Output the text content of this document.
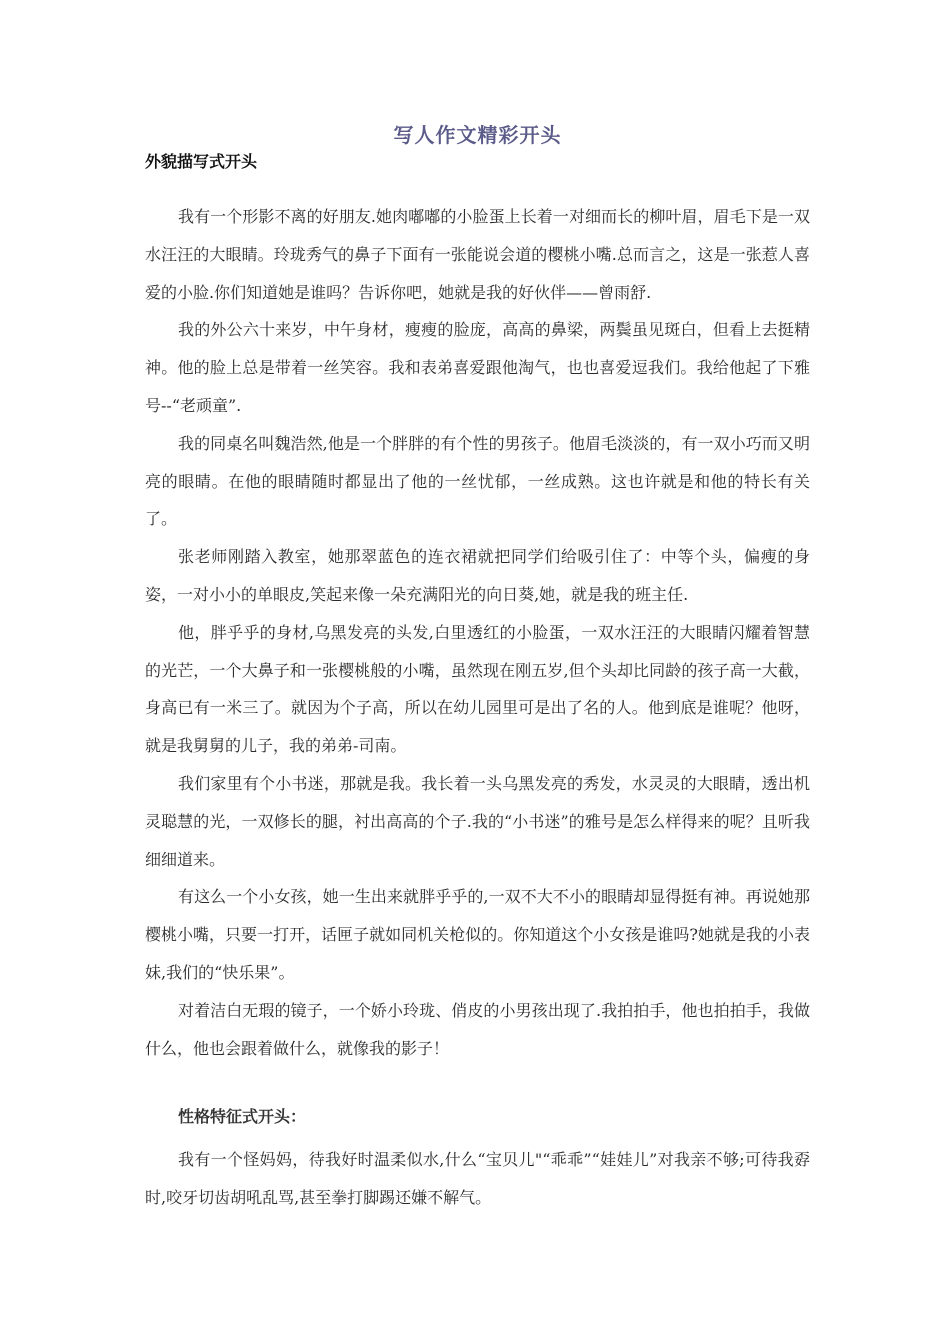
写人作文精彩开头
外貌描写式开头

我有一个形影不离的好朋友.她肉嘟嘟的小脸蛋上长着一对细而长的柳叶眉，眉毛下是一双水汪汪的大眼睛。玲珑秀气的鼻子下面有一张能说会道的樱桃小嘴.总而言之，这是一张惹人喜爱的小脸.你们知道她是谁吗？告诉你吧，她就是我的好伙伴——曾雨舒.

我的外公六十来岁，中午身材，瘦瘦的脸庞，高高的鼻梁，两鬓虽见斑白，但看上去挺精神。他的脸上总是带着一丝笑容。我和表弟喜爱跟他淘气，也也喜爱逗我们。我给他起了下雅号--“老顽童”.

我的同桌名叫魏浩然,他是一个胖胖的有个性的男孩子。他眉毛淡淡的，有一双小巧而又明亮的眼睛。在他的眼睛随时都显出了他的一丝忧郁，一丝成熟。这也许就是和他的特长有关了。

张老师刚踏入教室，她那翠蓝色的连衣裙就把同学们给吸引住了：中等个头，偏瘦的身姿，一对小小的单眼皮,笑起来像一朵充满阳光的向日葵,她，就是我的班主任.

他，胖乎乎的身材,乌黑发亮的头发,白里透红的小脸蛋，一双水汪汪的大眼睛闪耀着智慧的光芒，一个大鼻子和一张樱桃般的小嘴，虽然现在刚五岁,但个头却比同龄的孩子高一大截，身高已有一米三了。就因为个子高，所以在幼儿园里可是出了名的人。他到底是谁呢？他呀，就是我舅舅的儿子，我的弟弟-司南。

我们家里有个小书迷，那就是我。我长着一头乌黑发亮的秀发，水灵灵的大眼睛，透出机灵聪慧的光，一双修长的腿，衬出高高的个子.我的“小书迷”的雅号是怎么样得来的呢？且听我细细道来。

有这么一个小女孩，她一生出来就胖乎乎的,一双不大不小的眼睛却显得挺有神。再说她那樱桃小嘴，只要一打开，话匣子就如同机关枪似的。你知道这个小女孩是谁吗?她就是我的小表妹,我们的“快乐果”。

对着洁白无瑕的镜子，一个娇小玲珑、俏皮的小男孩出现了.我拍拍手，他也拍拍手，我做什么，他也会跟着做什么，就像我的影子！

性格特征式开头：

我有一个怪妈妈，待我好时温柔似水,什么“宝贝儿"“乖乖”“娃娃儿”对我亲不够;可待我孬时,咬牙切齿胡吼乱骂,甚至拳打脚踢还嫌不解气。
